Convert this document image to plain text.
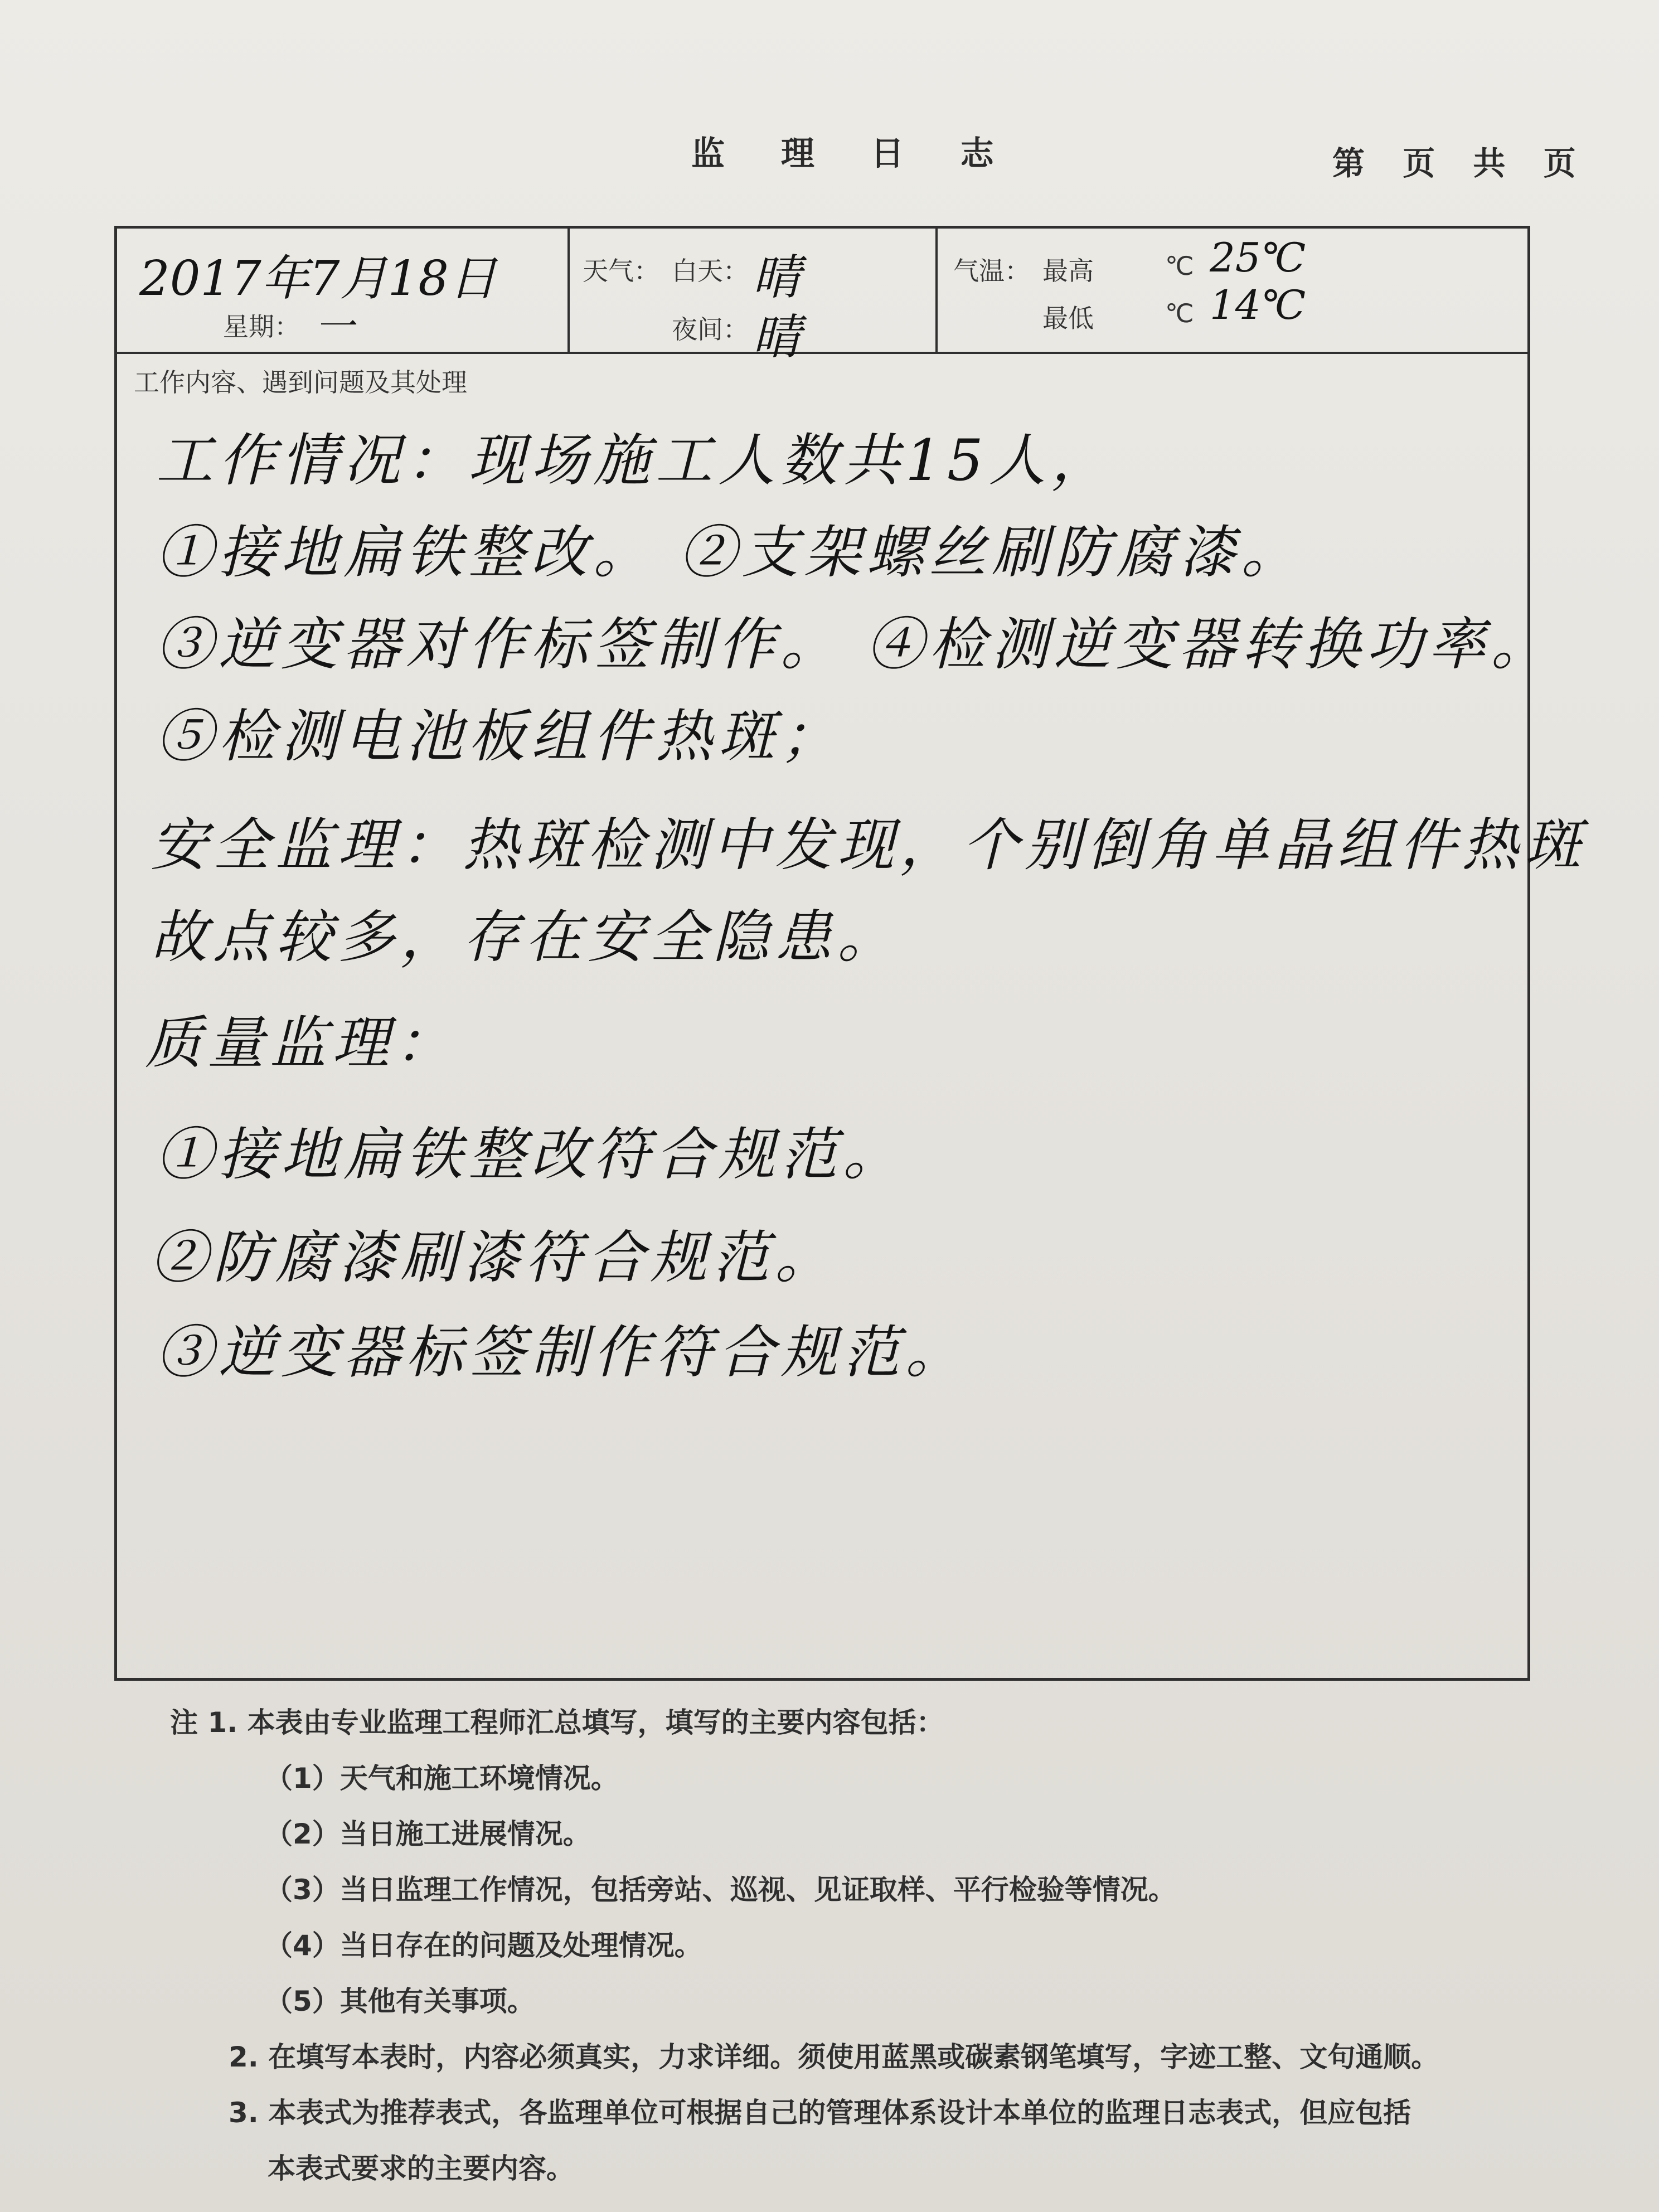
监 理 日 志	第 页 共 页
2017年7月18日
星期： 一
天气： 白天： 晴
夜间： 晴
气温： 最高	℃ 25℃
最低	℃ 14℃
工作内容、遇到问题及其处理
工作情况：现场施工人数共15人，
①接地扁铁整改。 ②支架螺丝刷防腐漆。
③逆变器对作标签制作。 ④检测逆变器转换功率。
⑤检测电池板组件热斑；
安全监理：热斑检测中发现，个别倒角单晶组件热斑
故点较多，存在安全隐患。
质量监理：
①接地扁铁整改符合规范。
②防腐漆刷漆符合规范。
③逆变器标签制作符合规范。
注 1. 本表由专业监理工程师汇总填写，填写的主要内容包括：
（1）天气和施工环境情况。
（2）当日施工进展情况。
（3）当日监理工作情况，包括旁站、巡视、见证取样、平行检验等情况。
（4）当日存在的问题及处理情况。
（5）其他有关事项。
2. 在填写本表时，内容必须真实，力求详细。须使用蓝黑或碳素钢笔填写，字迹工整、文句通顺。
3. 本表式为推荐表式，各监理单位可根据自己的管理体系设计本单位的监理日志表式，但应包括
本表式要求的主要内容。
